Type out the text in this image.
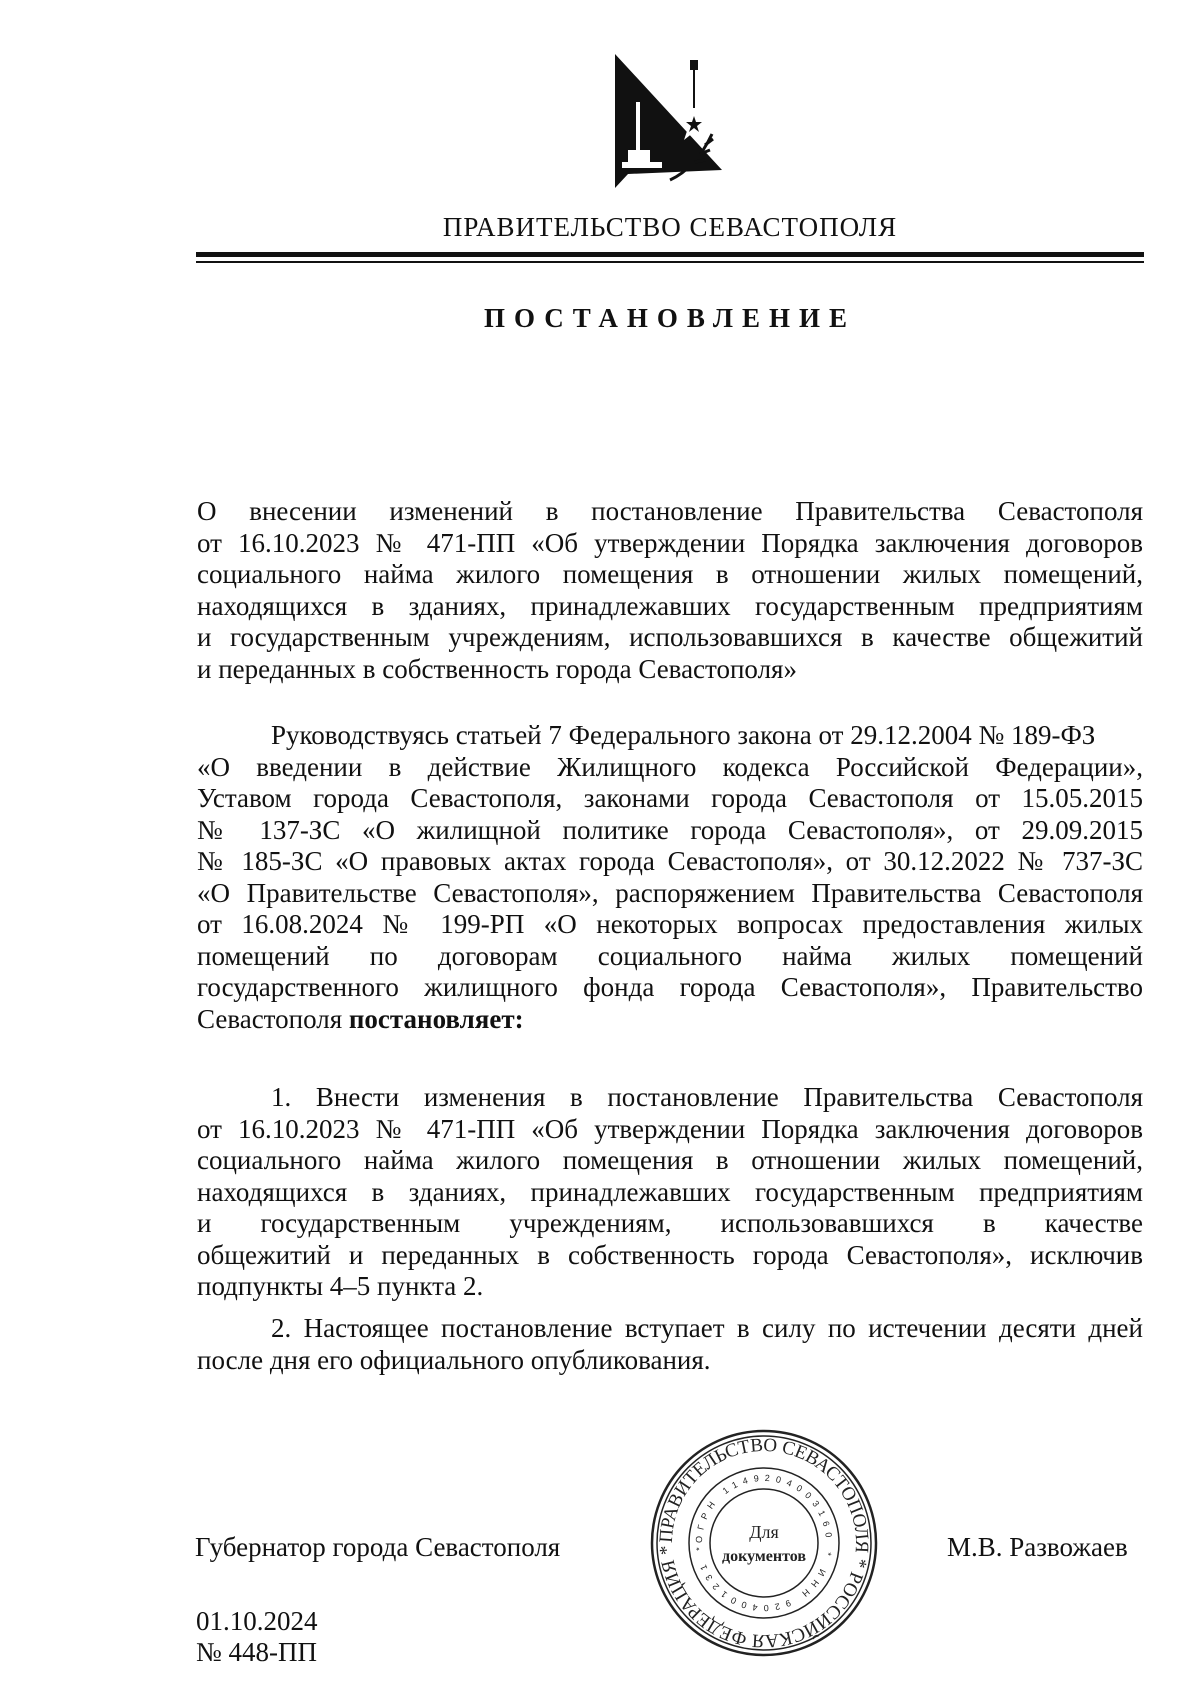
ПРАВИТЕЛЬСТВО СЕВАСТОПОЛЯ
ПОСТАНОВЛЕНИЕ
О внесении изменений в постановление Правительства Севастополя
от 16.10.2023 № 471-ПП «Об утверждении Порядка заключения договоров
социального найма жилого помещения в отношении жилых помещений,
находящихся в зданиях, принадлежавших государственным предприятиям
и государственным учреждениям, использовавшихся в качестве общежитий
и переданных в собственность города Севастополя»
Руководствуясь статьей 7 Федерального закона от 29.12.2004 № 189-ФЗ
«О введении в действие Жилищного кодекса Российской Федерации»,
Уставом города Севастополя, законами города Севастополя от 15.05.2015
№ 137-ЗС «О жилищной политике города Севастополя», от 29.09.2015
№ 185-ЗС «О правовых актах города Севастополя», от 30.12.2022 № 737-ЗС
«О Правительстве Севастополя», распоряжением Правительства Севастополя
от 16.08.2024 № 199-РП «О некоторых вопросах предоставления жилых
помещений по договорам социального найма жилых помещений
государственного жилищного фонда города Севастополя», Правительство
Севастополя постановляет:
1. Внести изменения в постановление Правительства Севастополя
от 16.10.2023 № 471-ПП «Об утверждении Порядка заключения договоров
социального найма жилого помещения в отношении жилых помещений,
находящихся в зданиях, принадлежавших государственным предприятиям
и государственным учреждениям, использовавшихся в качестве
общежитий и переданных в собственность города Севастополя», исключив
подпункты 4–5 пункта 2.
2. Настоящее постановление вступает в силу по истечении десяти дней
после дня его официального опубликования.
Губернатор города Севастополя	М.В. Развожаев
ПРАВИТЕЛЬСТВО СЕВАСТОПОЛЯ * РОССИЙСКАЯ ФЕДЕРАЦИЯ *
ОГРН 1149204003160 * ИНН 9204001231 *
Для
документов
01.10.2024
№ 448-ПП
